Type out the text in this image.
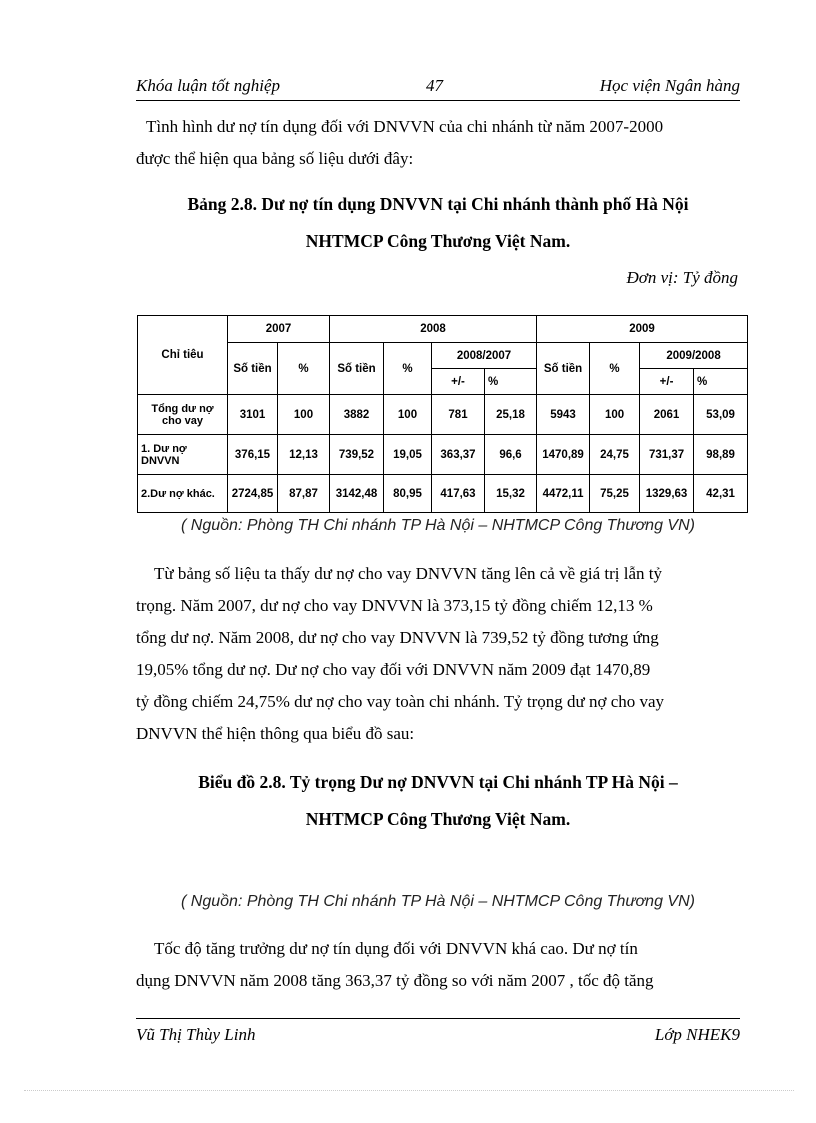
Khóa luận tốt nghiệp	47	Học viện Ngân hàng
Tình hình dư nợ tín dụng đối với DNVVN của chi nhánh từ năm 2007-2000
được thể hiện qua bảng số liệu dưới đây:
Bảng 2.8. Dư nợ tín dụng DNVVN tại Chi nhánh thành phố Hà Nội
NHTMCP Công Thương Việt Nam.
Đơn vị: Tỷ đồng
Chỉ tiêu	2007		2008				2009			
	Số tiền	%	Số tiền	%	2008/2007		Số tiền	%	2009/2008	
					+/-	%			+/-	%

Tổng dư nợ
cho vay	3101	100	3882	100	781	25,18	5943	100	2061	53,09

1. Dư nợ
DNVVN	376,15	12,13	739,52	19,05	363,37	96,6	1470,89	24,75	731,37	98,89
2.Dư nợ khác.	2724,85	87,87	3142,48	80,95	417,63	15,32	4472,11	75,25	1329,63	42,31
( Nguồn: Phòng TH Chi nhánh TP Hà Nội – NHTMCP Công Thương VN)
Từ bảng số liệu ta thấy dư nợ cho vay DNVVN tăng lên cả về giá trị lẫn tỷ
trọng. Năm 2007, dư nợ cho vay DNVVN là 373,15 tỷ đồng chiếm 12,13 %
tổng dư nợ. Năm 2008, dư nợ cho vay DNVVN là 739,52 tỷ đồng tương ứng
19,05% tổng dư nợ. Dư nợ cho vay đối với DNVVN năm 2009 đạt 1470,89
tỷ đồng chiếm 24,75% dư nợ cho vay toàn chi nhánh. Tỷ trọng dư nợ cho vay
DNVVN thể hiện thông qua biểu đồ sau:
Biểu đồ 2.8. Tỷ trọng Dư nợ DNVVN tại Chi nhánh TP Hà Nội –
NHTMCP Công Thương Việt Nam.
( Nguồn: Phòng TH Chi nhánh TP Hà Nội – NHTMCP Công Thương VN)
Tốc độ tăng trưởng dư nợ tín dụng đối với DNVVN khá cao. Dư nợ tín
dụng DNVVN năm 2008 tăng 363,37 tỷ đồng so với năm 2007 , tốc độ tăng
Vũ Thị Thùy Linh	Lớp NHEK9
